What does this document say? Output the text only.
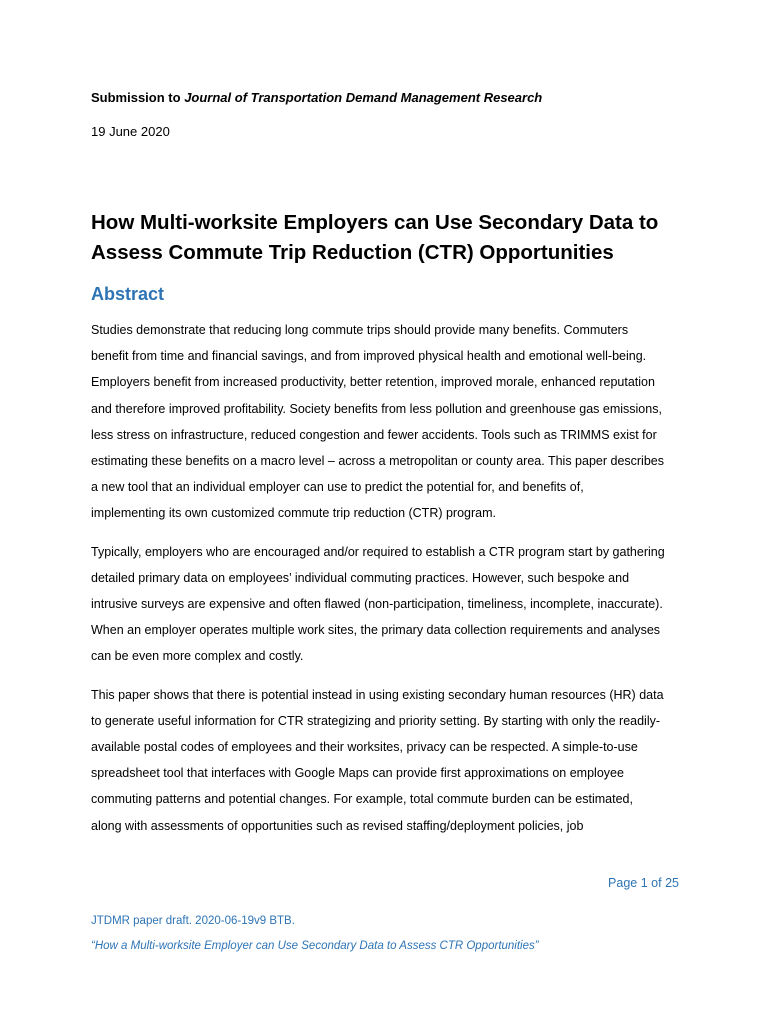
Submission to Journal of Transportation Demand Management Research
19 June 2020
How Multi-worksite Employers can Use Secondary Data to
Assess Commute Trip Reduction (CTR) Opportunities
Abstract

Studies demonstrate that reducing long commute trips should provide many benefits. Commuters
benefit from time and financial savings, and from improved physical health and emotional well-being.
Employers benefit from increased productivity, better retention, improved morale, enhanced reputation
and therefore improved profitability. Society benefits from less pollution and greenhouse gas emissions,
less stress on infrastructure, reduced congestion and fewer accidents. Tools such as TRIMMS exist for
estimating these benefits on a macro level – across a metropolitan or county area. This paper describes
a new tool that an individual employer can use to predict the potential for, and benefits of,
implementing its own customized commute trip reduction (CTR) program.

Typically, employers who are encouraged and/or required to establish a CTR program start by gathering
detailed primary data on employees’ individual commuting practices. However, such bespoke and
intrusive surveys are expensive and often flawed (non-participation, timeliness, incomplete, inaccurate).
When an employer operates multiple work sites, the primary data collection requirements and analyses
can be even more complex and costly.

This paper shows that there is potential instead in using existing secondary human resources (HR) data
to generate useful information for CTR strategizing and priority setting. By starting with only the readily-
available postal codes of employees and their worksites, privacy can be respected. A simple-to-use
spreadsheet tool that interfaces with Google Maps can provide first approximations on employee
commuting patterns and potential changes. For example, total commute burden can be estimated,
along with assessments of opportunities such as revised staffing/deployment policies, job

Page 1 of 25
JTDMR paper draft. 2020-06-19v9 BTB.
“How a Multi-worksite Employer can Use Secondary Data to Assess CTR Opportunities”
